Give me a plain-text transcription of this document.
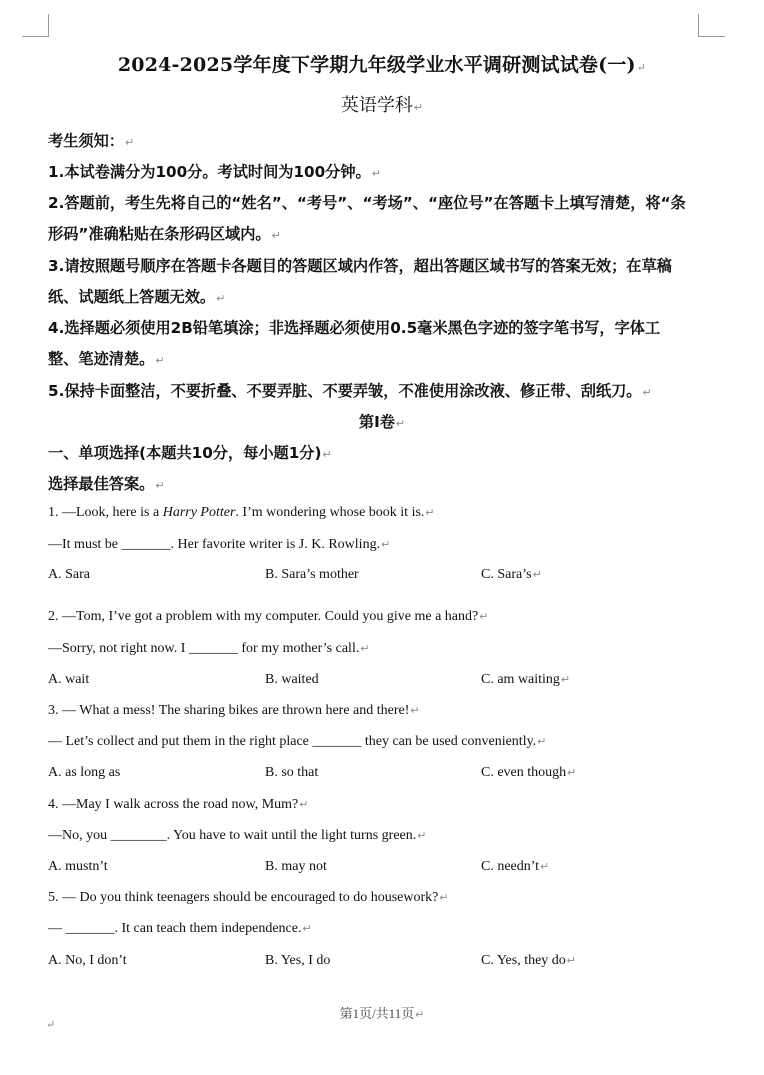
2024-2025学年度下学期九年级学业水平调研测试试卷(一)↵
英语学科↵
考生须知：↵
1.本试卷满分为100分。考试时间为100分钟。↵
2.答题前，考生先将自己的“姓名”、“考号”、“考场”、“座位号”在答题卡上填写清楚，将“条
形码”准确粘贴在条形码区域内。↵
3.请按照题号顺序在答题卡各题目的答题区域内作答，超出答题区域书写的答案无效；在草稿
纸、试题纸上答题无效。↵
4.选择题必须使用2B铅笔填涂；非选择题必须使用0.5毫米黑色字迹的签字笔书写，字体工
整、笔迹清楚。↵
5.保持卡面整洁，不要折叠、不要弄脏、不要弄皱，不准使用涂改液、修正带、刮纸刀。↵
第Ⅰ卷↵
一、单项选择(本题共10分，每小题1分)↵
选择最佳答案。↵
1. —Look, here is a Harry Potter. I’m wondering whose book it is.↵
—It must be _______. Her favorite writer is J. K. Rowling.↵
A. Sara	B. Sara’s mother	C. Sara’s↵
2. —Tom, I’ve got a problem with my computer. Could you give me a hand?↵
—Sorry, not right now. I _______ for my mother’s call.↵
A. wait	B. waited	C. am waiting↵
3. — What a mess! The sharing bikes are thrown here and there!↵
— Let’s collect and put them in the right place _______ they can be used conveniently.↵
A. as long as	B. so that	C. even though↵
4. —May I walk across the road now, Mum?↵
—No, you ________. You have to wait until the light turns green.↵
A. mustn’t	B. may not	C. needn’t↵
5. — Do you think teenagers should be encouraged to do housework?↵
— _______. It can teach them independence.↵
A. No, I don’t	B. Yes, I do	C. Yes, they do↵
第1页/共11页↵
↵
